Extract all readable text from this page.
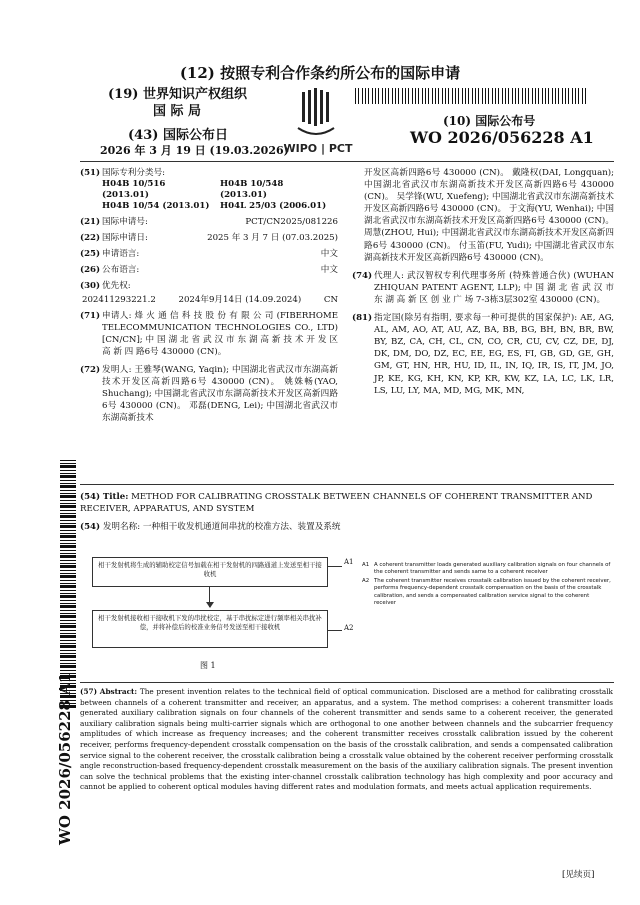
(12) 按照专利合作条约所公布的国际申请
(19) 世界知识产权组织
国 际 局
(43) 国际公布日
2026 年 3 月 19 日 (19.03.2026)
WIPO | PCT
(10) 国际公布号
WO 2026/056228 A1
(51) 国际专利分类号:
H04B 10/516 (2013.01)	H04B 10/548 (2013.01)
H04B 10/54 (2013.01)	H04L 25/03 (2006.01)
(21) 国际申请号:	PCT/CN2025/081226
(22) 国际申请日:	2025 年 3 月 7 日 (07.03.2025)
(25) 申请语言:	中文
(26) 公布语言:	中文
(30) 优先权:
202411293221.2	2024年9月14日 (14.09.2024)	CN
(71) 申请人: 烽 火 通 信 科 技 股 份 有 限 公 司 (FIBERHOME TELECOMMUNICATION TECHNOLOGIES CO., LTD) [CN/CN]; 中 国 湖 北 省 武 汉 市 东 湖 高 新 技 术 开 发 区 高 新 四 路6号 430000 (CN)。
(72) 发明人: 王雅琴(WANG, Yaqin); 中国湖北省武汉市东湖高新技术开发区高新四路6号 430000 (CN)。 姚姝畅(YAO, Shuchang); 中国湖北省武汉市东湖高新技术开发区高新四路6号 430000 (CN)。 邓磊(DENG, Lei); 中国湖北省武汉市东湖高新技术
开发区高新四路6号 430000 (CN)。 戴隆权(DAI, Longquan); 中国湖北省武汉市东湖高新技术开发区高新四路6号 430000 (CN)。 吴学锋(WU, Xuefeng); 中国湖北省武汉市东湖高新技术开发区高新四路6号 430000 (CN)。 于文海(YU, Wenhai); 中国湖北省武汉市东湖高新技术开发区高新四路6号 430000 (CN)。 周慧(ZHOU, Hui); 中国湖北省武汉市东湖高新技术开发区高新四路6号 430000 (CN)。 付玉笛(FU, Yudi); 中国湖北省武汉市东湖高新技术开发区高新四路6号 430000 (CN)。
(74) 代理人: 武汉智权专利代理事务所 (特殊普通合伙) (WUHAN ZHIQUAN PATENT AGENT, LLP); 中 国 湖 北 省 武 汉 市 东 湖 高 新 区 创 业 广 场 7-3栋3层302室 430000 (CN)。
(81) 指定国(除另有指明, 要求每一种可提供的国家保护): AE, AG, AL, AM, AO, AT, AU, AZ, BA, BB, BG, BH, BN, BR, BW, BY, BZ, CA, CH, CL, CN, CO, CR, CU, CV, CZ, DE, DJ, DK, DM, DO, DZ, EC, EE, EG, ES, FI, GB, GD, GE, GH, GM, GT, HN, HR, HU, ID, IL, IN, IQ, IR, IS, IT, JM, JO, JP, KE, KG, KH, KN, KP, KR, KW, KZ, LA, LC, LK, LR, LS, LU, LY, MA, MD, MG, MK, MN,
(54) Title: METHOD FOR CALIBRATING CROSSTALK BETWEEN CHANNELS OF COHERENT TRANSMITTER AND RECEIVER, APPARATUS, AND SYSTEM
(54) 发明名称: 一种相干收发机通道间串扰的校准方法、装置及系统
相干发射机将生成的辅助校定信号加载在相干发射机的四路通道上发送至相干接收机
相干发射机接收相干接收机下发的串扰校定，基于串扰标定进行频率相关串扰补偿，并将补偿后的校准业务信号发送至相干接收机
A1
A2
图 1
A1 A coherent transmitter loads generated auxiliary calibration signals on four channels of the coherent transmitter and sends same to a coherent receiver
A2 The coherent transmitter receives crosstalk calibration issued by the coherent receiver, performs frequency-dependent crosstalk compensation on the basis of the crosstalk calibration, and sends a compensated calibration service signal to the coherent receiver
(57) Abstract: The present invention relates to the technical field of optical communication. Disclosed are a method for calibrating crosstalk between channels of a coherent transmitter and receiver, an apparatus, and a system. The method comprises: a coherent transmitter loads generated auxiliary calibration signals on four channels of the coherent transmitter and sends same to a coherent receiver, the generated auxiliary calibration signals being multi-carrier signals which are orthogonal to one another between channels and the subcarrier frequency amplitudes of which increase as frequency increases; and the coherent transmitter receives crosstalk calibration issued by the coherent receiver, performs frequency-dependent crosstalk compensation on the basis of the crosstalk calibration, and sends a compensated calibration service signal to the coherent receiver, the crosstalk calibration being a crosstalk value obtained by the coherent receiver performing crosstalk angle reconstruction-based frequency-dependent crosstalk measurement on the basis of the auxiliary calibration signals. The present invention can solve the technical problems that the existing inter-channel crosstalk calibration technology has high complexity and poor accuracy and cannot be applied to coherent optical modules having different rates and modulation formats, and meets actual application requirements.
WO 2026/056228 A1
[见续页]
